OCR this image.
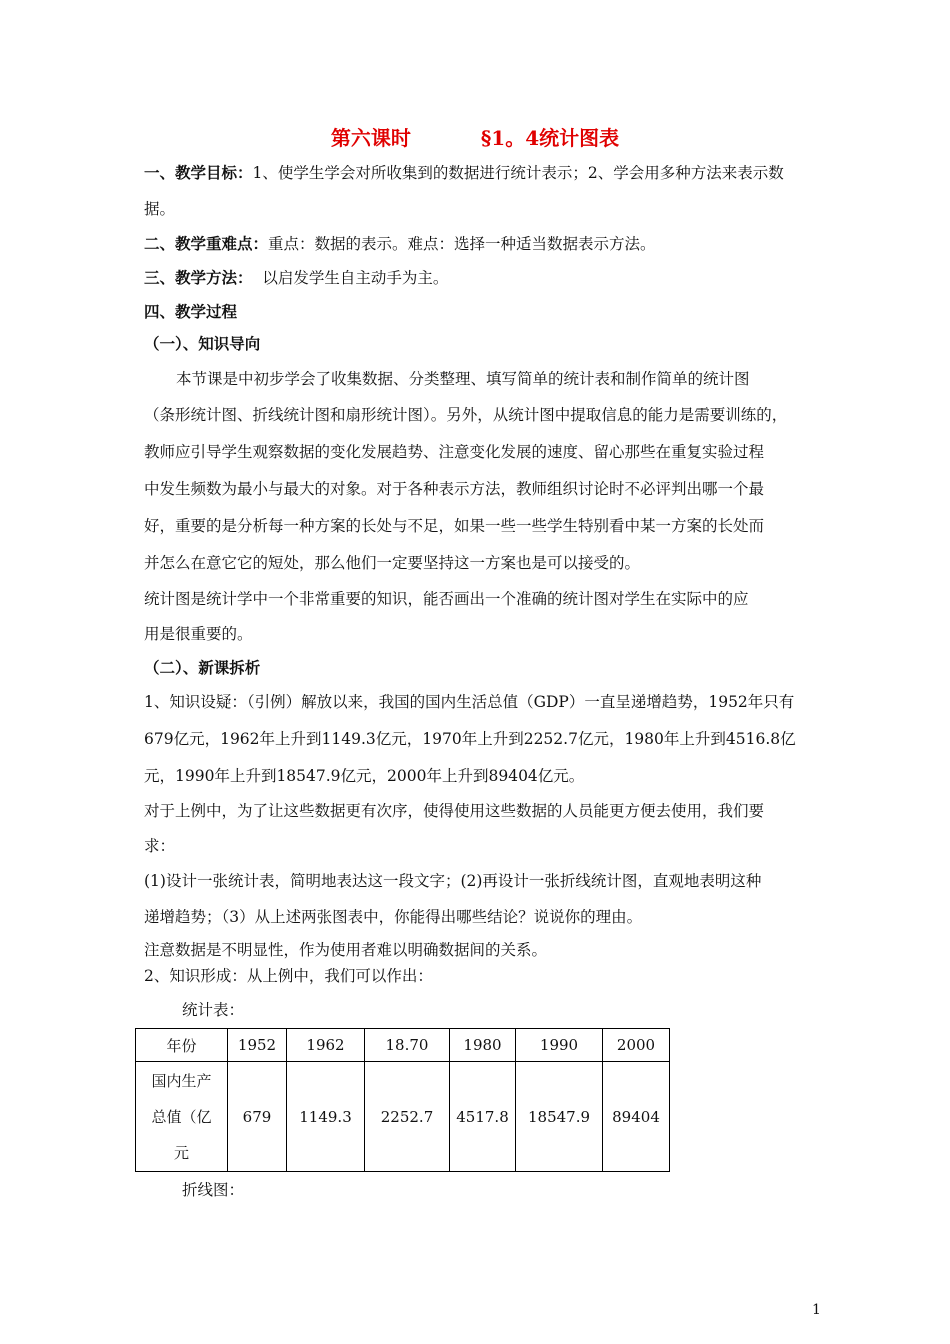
第六课时	§1。4统计图表
一、教学目标：1、使学生学会对所收集到的数据进行统计表示；2、学会用多种方法来表示数
据。
二、教学重难点：重点：数据的表示。难点：选择一种适当数据表示方法。
三、教学方法：  以启发学生自主动手为主。
四、教学过程
（一）、知识导向
本节课是中初步学会了收集数据、分类整理、填写简单的统计表和制作简单的统计图
（条形统计图、折线统计图和扇形统计图）。另外，从统计图中提取信息的能力是需要训练的，
教师应引导学生观察数据的变化发展趋势、注意变化发展的速度、留心那些在重复实验过程
中发生频数为最小与最大的对象。对于各种表示方法，教师组织讨论时不必评判出哪一个最
好，重要的是分析每一种方案的长处与不足，如果一些一些学生特别看中某一方案的长处而
并怎么在意它它的短处，那么他们一定要坚持这一方案也是可以接受的。
统计图是统计学中一个非常重要的知识，能否画出一个准确的统计图对学生在实际中的应
用是很重要的。
（二）、新课拆析
1、知识设疑：（引例）解放以来，我国的国内生活总值（GDP）一直呈递增趋势，1952年只有
679亿元，1962年上升到1149.3亿元，1970年上升到2252.7亿元，1980年上升到4516.8亿
元，1990年上升到18547.9亿元，2000年上升到89404亿元。
对于上例中，为了让这些数据更有次序，使得使用这些数据的人员能更方便去使用，我们要
求：
(1)设计一张统计表，简明地表达这一段文字；(2)再设计一张折线统计图，直观地表明这种
递增趋势；（3）从上述两张图表中，你能得出哪些结论？说说你的理由。
注意数据是不明显性，作为使用者难以明确数据间的关系。
2、知识形成：从上例中，我们可以作出：
统计表：
年份	1952	1962	18.70	1980	1990	2000

国内生产
总值（亿
元	679	1149.3	2252.7	4517.8	18547.9	89404
折线图：
1
